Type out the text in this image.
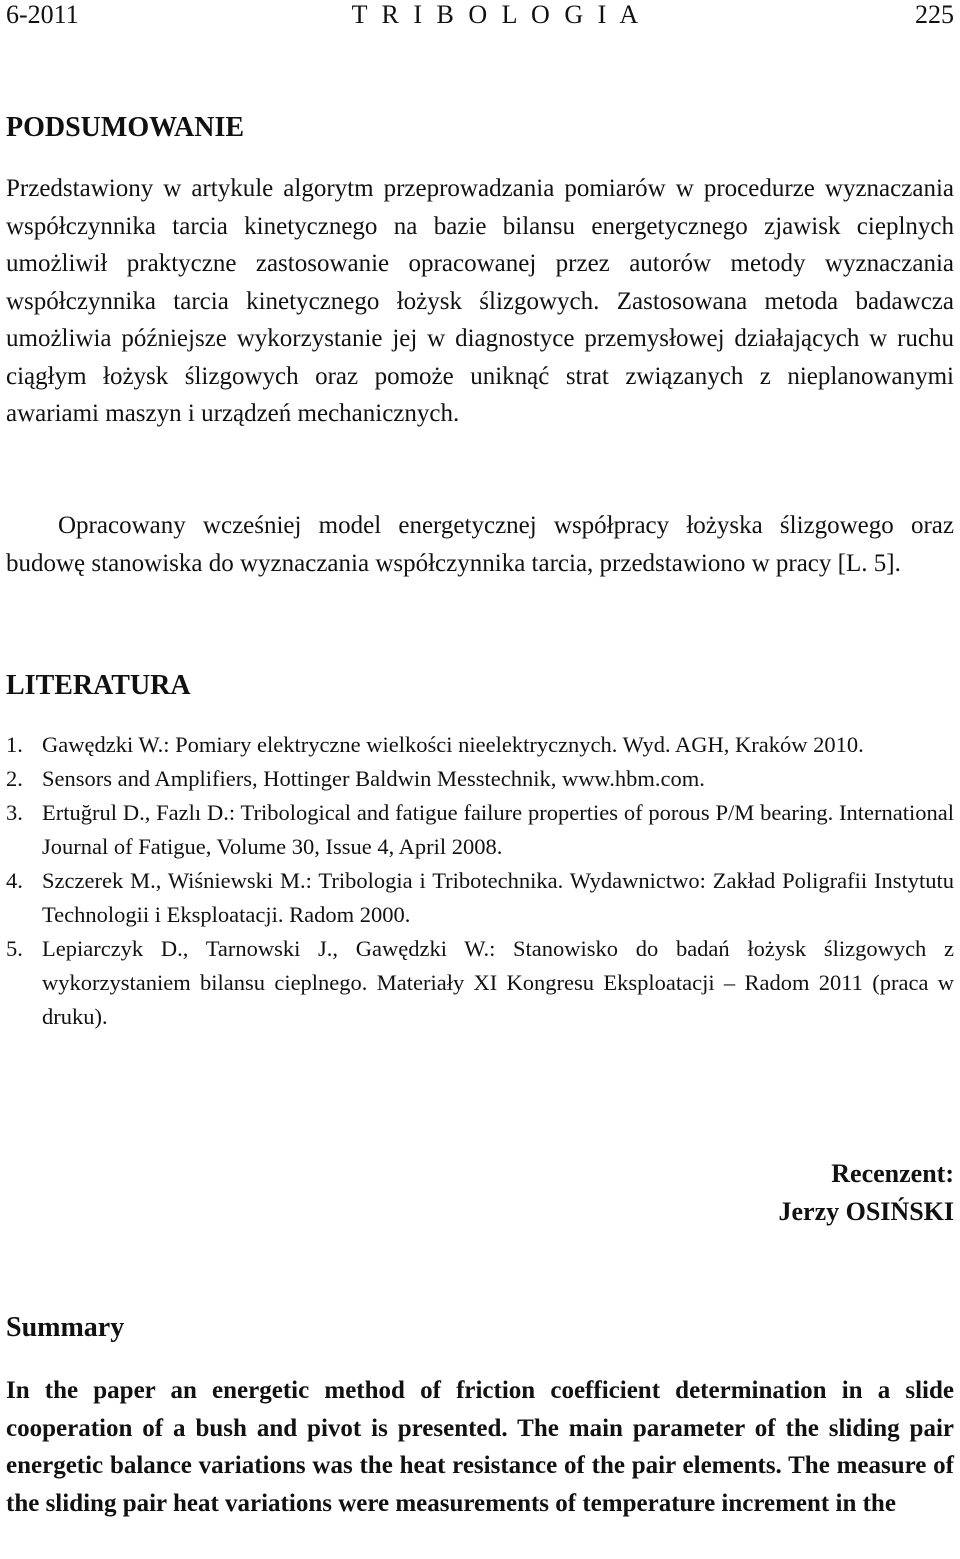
6-2011	T R I B O L O G I A	225
PODSUMOWANIE

Przedstawiony w artykule algorytm przeprowadzania pomiarów w procedurze wyznaczania współczynnika tarcia kinetycznego na bazie bilansu energetycznego zjawisk cieplnych umożliwił praktyczne zastosowanie opracowanej przez autorów metody wyznaczania współczynnika tarcia kinetycznego łożysk ślizgowych. Zastosowana metoda badawcza umożliwia późniejsze wykorzystanie jej w diagnostyce przemysłowej działających w ruchu ciągłym łożysk ślizgowych oraz pomoże uniknąć strat związanych z nieplanowanymi awariami maszyn i urządzeń mechanicznych.

Opracowany wcześniej model energetycznej współpracy łożyska ślizgowego oraz budowę stanowiska do wyznaczania współczynnika tarcia, przedstawiono w pracy [L. 5].

LITERATURA
1. Gawędzki W.: Pomiary elektryczne wielkości nieelektrycznych. Wyd. AGH, Kraków 2010.
2. Sensors and Amplifiers, Hottinger Baldwin Messtechnik, www.hbm.com.
3. Ertuğrul D., Fazlı D.: Tribological and fatigue failure properties of porous P/M bearing. International Journal of Fatigue, Volume 30, Issue 4, April 2008.
4. Szczerek M., Wiśniewski M.: Tribologia i Tribotechnika. Wydawnictwo: Zakład Poligrafii Instytutu Technologii i Eksploatacji. Radom 2000.
5. Lepiarczyk D., Tarnowski J., Gawędzki W.: Stanowisko do badań łożysk ślizgowych z wykorzystaniem bilansu cieplnego. Materiały XI Kongresu Eksploatacji – Radom 2011 (praca w druku).
Recenzent:
Jerzy OSIŃSKI
Summary

In the paper an energetic method of friction coefficient determination in a slide cooperation of a bush and pivot is presented. The main parameter of the sliding pair energetic balance variations was the heat resistance of the pair elements. The measure of the sliding pair heat variations were measurements of temperature increment in the
